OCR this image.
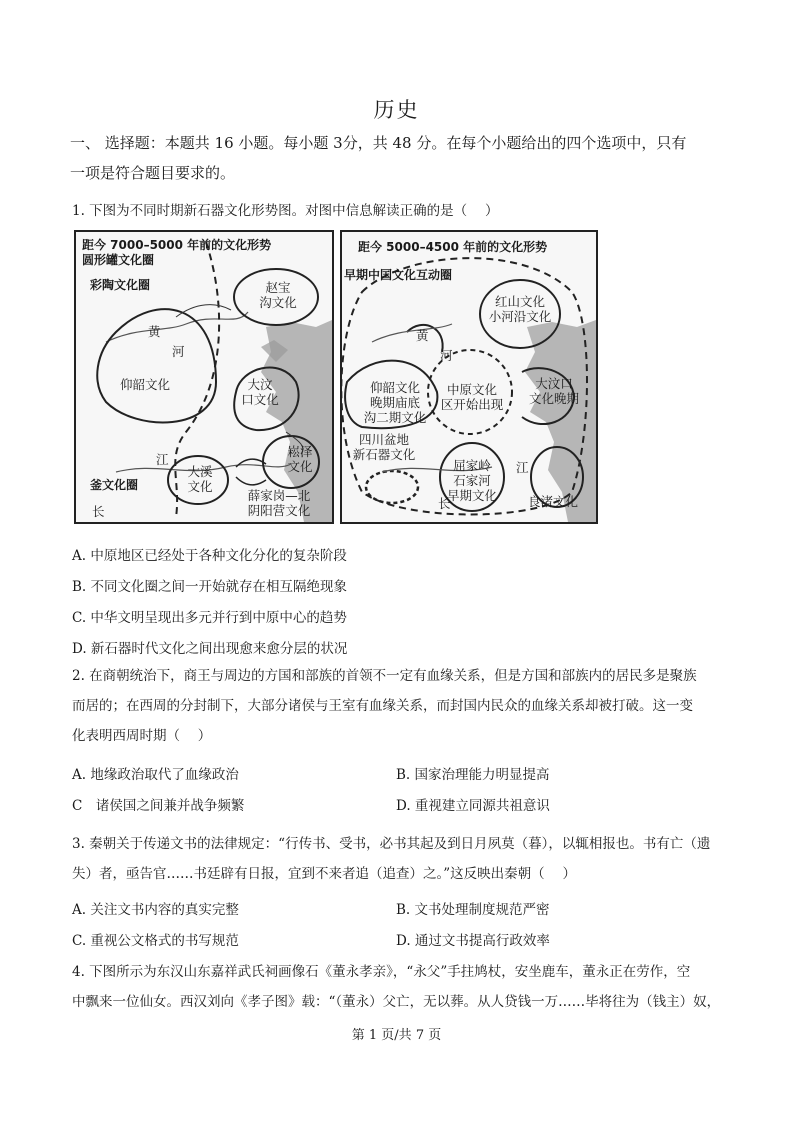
历史
一、 选择题：本题共 16 小题。每小题 3分，共 48 分。在每个小题给出的四个选项中，只有
一项是符合题目要求的。
1. 下图为不同时期新石器文化形势图。对图中信息解读正确的是（　 ）
距今 7000–5000 年前的文化形势
圆形罐文化圈
彩陶文化圈	赵宝
沟文化
黄
河
仰韶文化	大汶
口文化
江
釜文化圈
大溪
文化
崧泽
文化
薛家岗—北
阴阳营文化
长
距今 5000–4500 年前的文化形势
早期中国文化互动圈
红山文化
小河沿文化
黄
河
仰韶文化
晚期庙底
沟二期文化
中原文化
区开始出现
大汶口
文化晚期
四川盆地
新石器文化
屈家岭
石家河
早期文化
江
长	良渚文化
A. 中原地区已经处于各种文化分化的复杂阶段
B. 不同文化圈之间一开始就存在相互隔绝现象
C. 中华文明呈现出多元并行到中原中心的趋势
D. 新石器时代文化之间出现愈来愈分层的状况
2. 在商朝统治下，商王与周边的方国和部族的首领不一定有血缘关系，但是方国和部族内的居民多是聚族
而居的；在西周的分封制下，大部分诸侯与王室有血缘关系，而封国内民众的血缘关系却被打破。这一变
化表明西周时期（　 ）
A. 地缘政治取代了血缘政治	B. 国家治理能力明显提高
C　诸侯国之间兼并战争频繁	D. 重视建立同源共祖意识
3. 秦朝关于传递文书的法律规定：“行传书、受书，必书其起及到日月夙莫（暮），以辄相报也。书有亡（遗
失）者，亟告官……书廷辟有日报，宜到不来者追（追查）之。”这反映出秦朝（　 ）
A. 关注文书内容的真实完整	B. 文书处理制度规范严密
C. 重视公文格式的书写规范	D. 通过文书提高行政效率
4. 下图所示为东汉山东嘉祥武氏祠画像石《董永孝亲》，“永父”手拄鸠杖，安坐鹿车，董永正在劳作，空
中飘来一位仙女。西汉刘向《孝子图》载：“（董永）父亡，无以葬。从人贷钱一万……毕将往为（钱主）奴，
第 1 页/共 7 页
